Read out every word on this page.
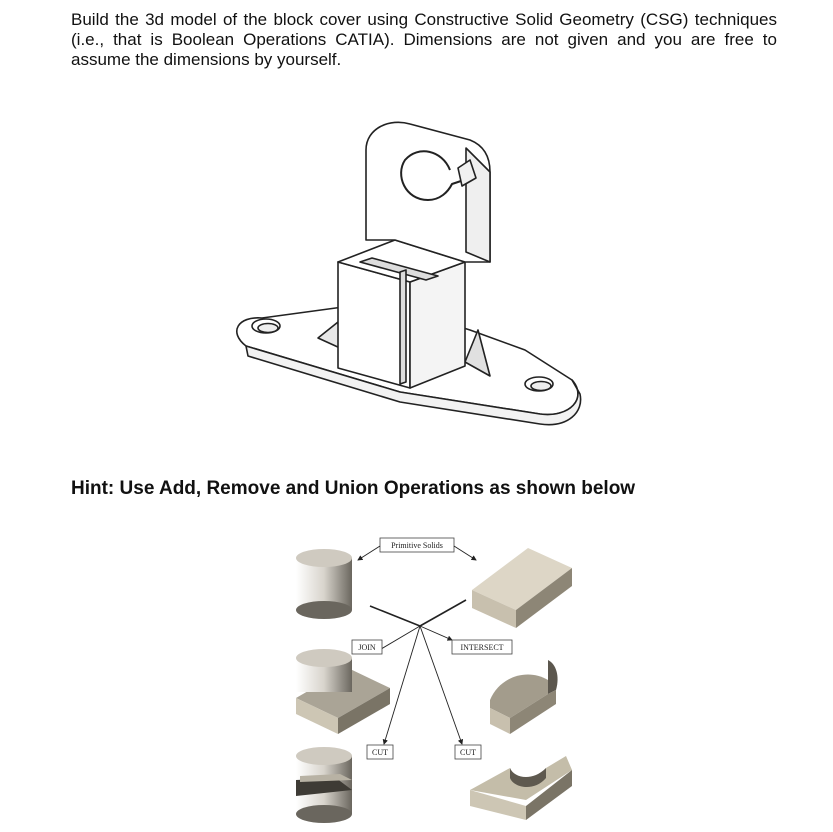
Build the 3d model of the block cover using Constructive Solid Geometry (CSG) techniques (i.e., that is Boolean Operations CATIA). Dimensions are not given and you are free to assume the dimensions by yourself.
Hint: Use Add, Remove and Union Operations as shown below
Primitive Solids
JOIN	INTERSECT
CUT	CUT
